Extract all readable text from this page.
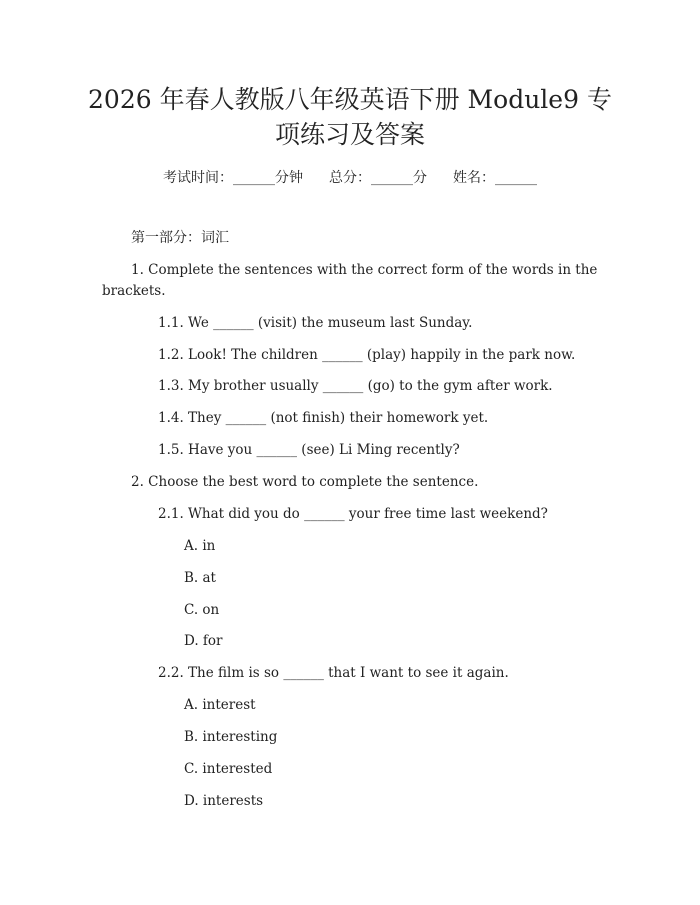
2026 年春人教版八年级英语下册 Module9 专
项练习及答案
考试时间：______分钟 总分：______分 姓名：______
第一部分：词汇
1. Complete the sentences with the correct form of the words in the
brackets.
1.1. We ______ (visit) the museum last Sunday.
1.2. Look! The children ______ (play) happily in the park now.
1.3. My brother usually ______ (go) to the gym after work.
1.4. They ______ (not finish) their homework yet.
1.5. Have you ______ (see) Li Ming recently?
2. Choose the best word to complete the sentence.
2.1. What did you do ______ your free time last weekend?
A. in
B. at
C. on
D. for
2.2. The film is so ______ that I want to see it again.
A. interest
B. interesting
C. interested
D. interests
